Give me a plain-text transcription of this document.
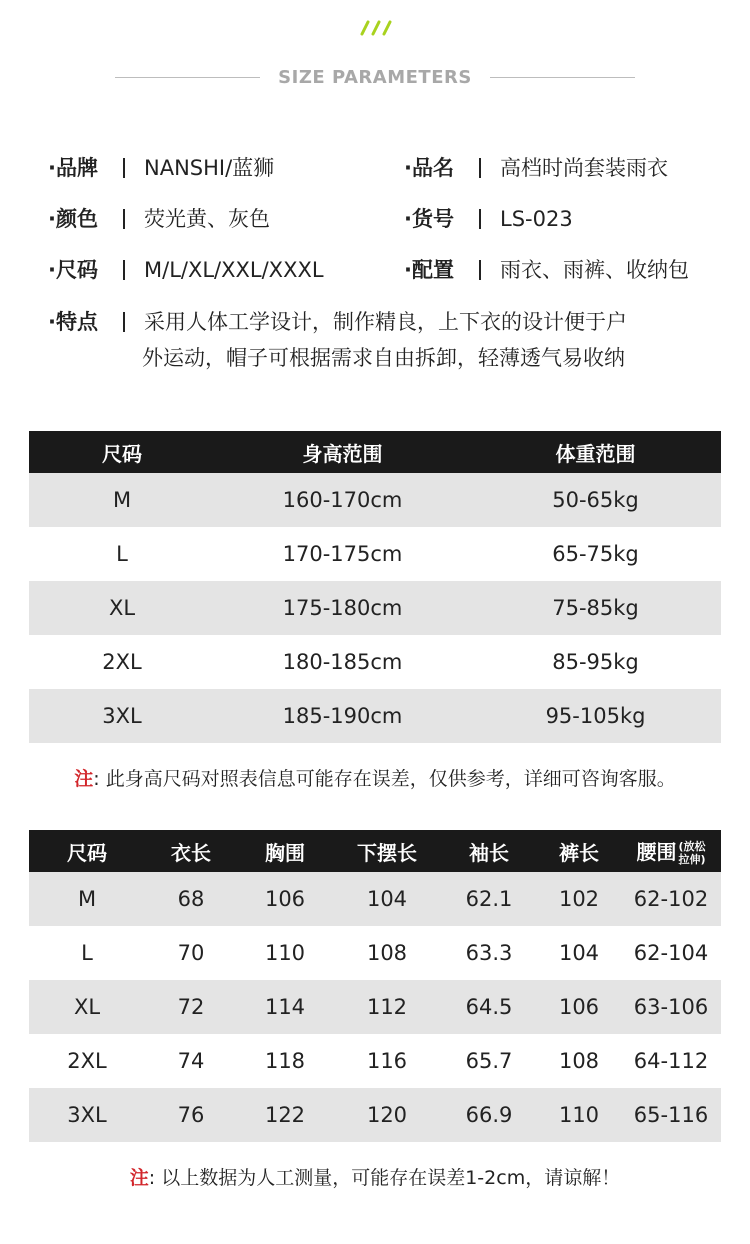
SIZE PARAMETERS
·品牌 NANSHI/蓝狮	·品名 高档时尚套装雨衣
·颜色 荧光黄、灰色	·货号 LS-023
·尺码 M/L/XL/XXL/XXXL	·配置 雨衣、雨裤、收纳包
·特点 采用人体工学设计，制作精良，上下衣的设计便于户
外运动，帽子可根据需求自由拆卸，轻薄透气易收纳
尺码	身高范围	体重范围
M	160-170cm	50-65kg
L	170-175cm	65-75kg
XL	175-180cm	75-85kg
2XL	180-185cm	85-95kg
3XL	185-190cm	95-105kg
注: 此身高尺码对照表信息可能存在误差，仅供参考，详细可咨询客服。
尺码	衣长	胸围	下摆长	袖长	裤长	腰围 (放松
拉伸)
M	68	106	104	62.1	102	62-102
L	70	110	108	63.3	104	62-104
XL	72	114	112	64.5	106	63-106
2XL	74	118	116	65.7	108	64-112
3XL	76	122	120	66.9	110	65-116
注: 以上数据为人工测量，可能存在误差1-2cm，请谅解！
